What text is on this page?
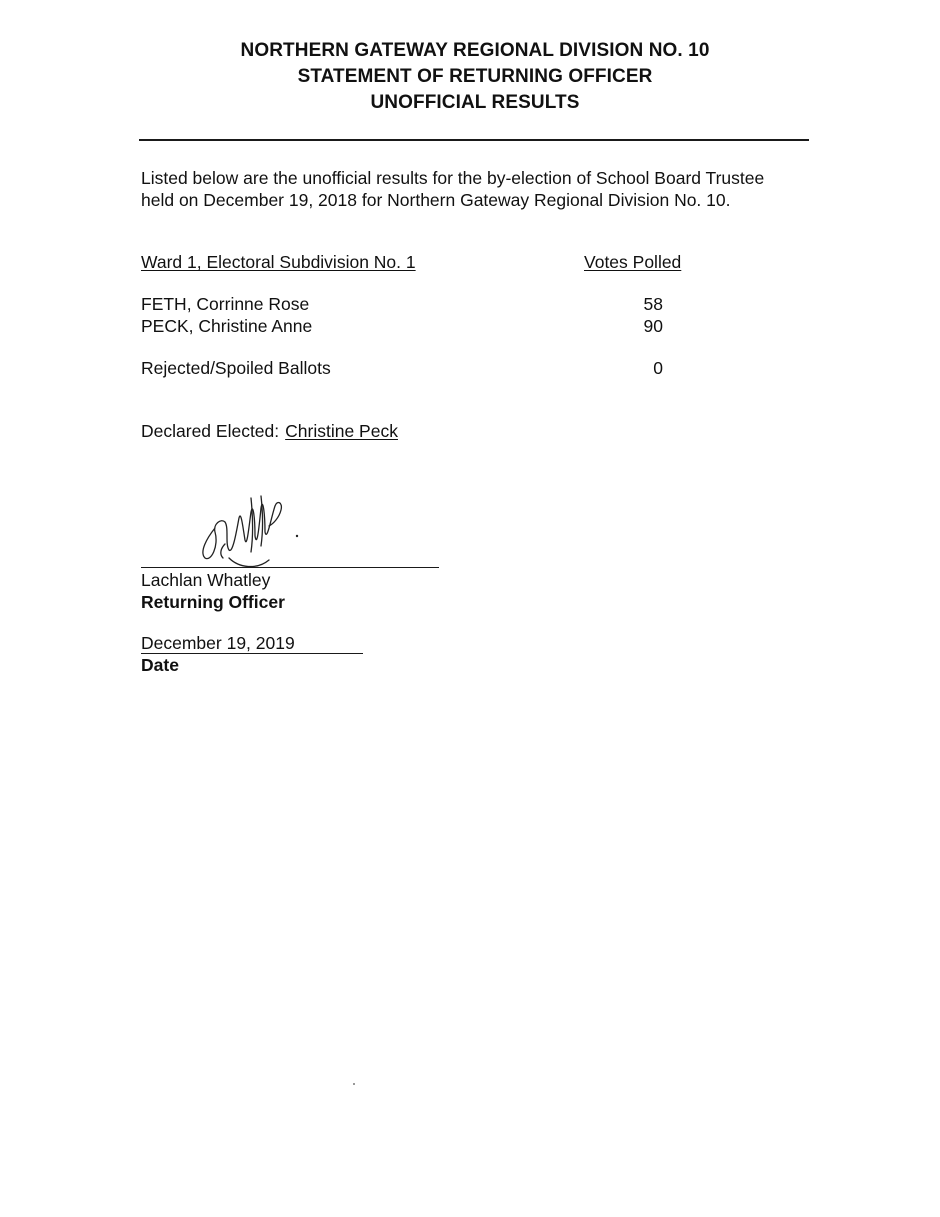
NORTHERN GATEWAY REGIONAL DIVISION NO. 10
STATEMENT OF RETURNING OFFICER
UNOFFICIAL RESULTS
Listed below are the unofficial results for the by-election of School Board Trustee
held on December 19, 2018 for Northern Gateway Regional Division No. 10.
Ward 1, Electoral Subdivision No. 1	Votes Polled
FETH, Corrinne Rose	58
PECK, Christine Anne	90
Rejected/Spoiled Ballots	0
Declared Elected: Christine Peck
Lachlan Whatley
Returning Officer
December 19, 2019
Date
